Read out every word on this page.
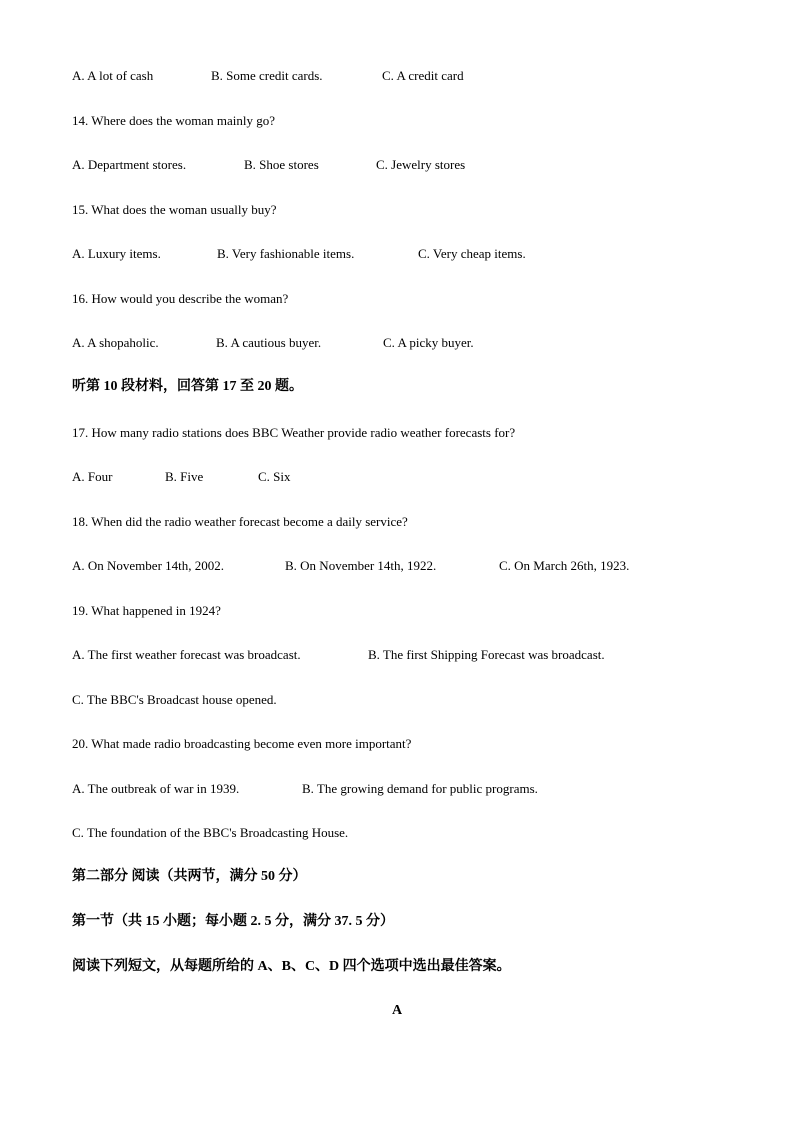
A. A lot of cash	B. Some credit cards.	C. A credit card
14. Where does the woman mainly go?
A. Department stores.	B. Shoe stores	C. Jewelry stores
15. What does the woman usually buy?
A. Luxury items.	B. Very fashionable items.	C. Very cheap items.
16. How would you describe the woman?
A. A shopaholic.	B. A cautious buyer.	C. A picky buyer.
听第 10 段材料，回答第 17 至 20 题。
17. How many radio stations does BBC Weather provide radio weather forecasts for?
A. Four	B. Five	C. Six
18. When did the radio weather forecast become a daily service?
A. On November 14th, 2002.	B. On November 14th, 1922.	C. On March 26th, 1923.
19. What happened in 1924?
A. The first weather forecast was broadcast.	B. The first Shipping Forecast was broadcast.
C. The BBC's Broadcast house opened.
20. What made radio broadcasting become even more important?
A. The outbreak of war in 1939.	B. The growing demand for public programs.
C. The foundation of the BBC's Broadcasting House.
第二部分 阅读（共两节，满分 50 分）
第一节（共 15 小题；每小题 2. 5 分，满分 37. 5 分）
阅读下列短文，从每题所给的 A、B、C、D 四个选项中选出最佳答案。
A
